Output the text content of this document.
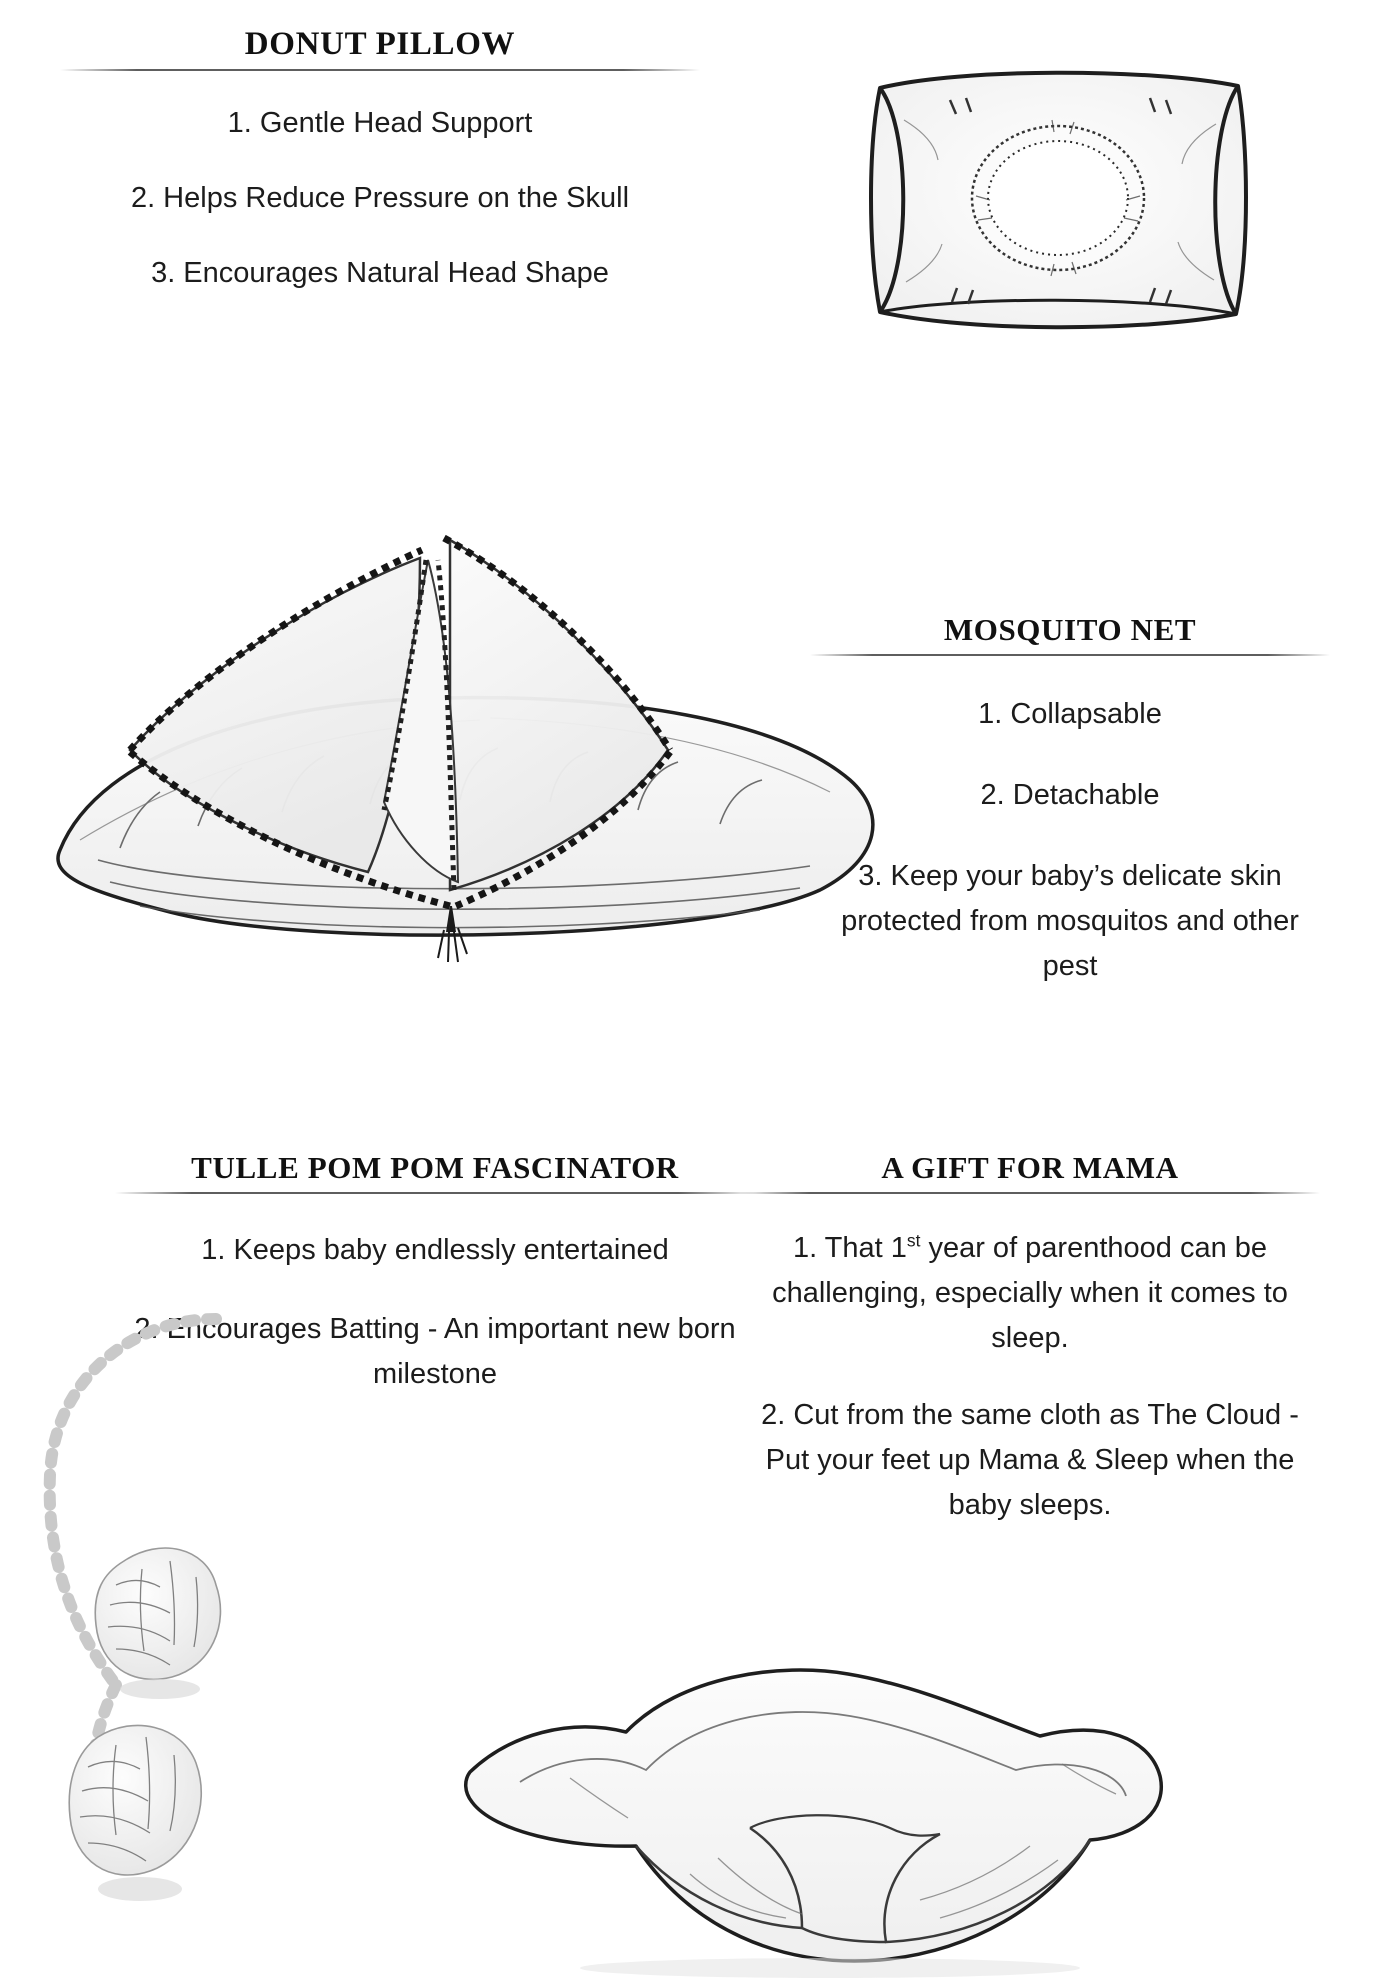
DONUT PILLOW
1. Gentle Head Support
2. Helps Reduce Pressure on the Skull
3. Encourages Natural Head Shape
MOSQUITO NET
1. Collapsable
2. Detachable
3. Keep your baby’s delicate skin protected from mosquitos and other pest
TULLE POM POM FASCINATOR
1. Keeps baby endlessly entertained
2. Encourages Batting - An important new born milestone
A GIFT FOR MAMA
1. That 1st year of parenthood can be challenging, especially when it comes to sleep.
2. Cut from the same cloth as The Cloud - Put your feet up Mama & Sleep when the baby sleeps.
